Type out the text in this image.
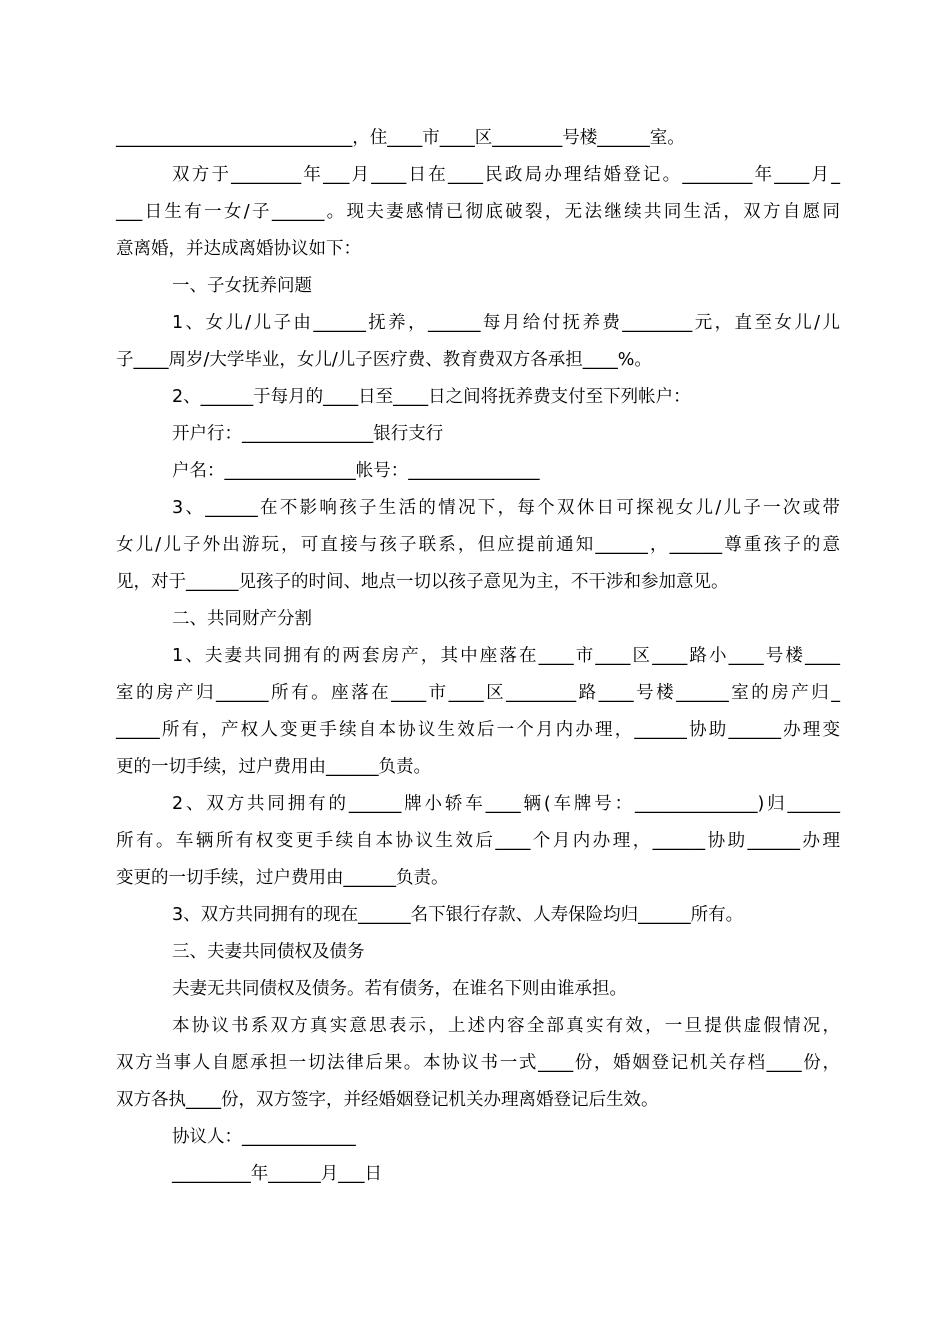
___________________________，住____市____区________号楼______室。
双方于________年___月____日在____民政局办理结婚登记。________年____月_
___日生有一女/子______。现夫妻感情已彻底破裂，无法继续共同生活，双方自愿同
意离婚，并达成离婚协议如下：
一、子女抚养问题
1、女儿/儿子由______抚养，______每月给付抚养费________元，直至女儿/儿
子____周岁/大学毕业，女儿/儿子医疗费、教育费双方各承担____%。
2、______于每月的____日至____日之间将抚养费支付至下列帐户：
开户行：_______________银行支行
户名：_______________帐号：_______________
3、______在不影响孩子生活的情况下，每个双休日可探视女儿/儿子一次或带
女儿/儿子外出游玩，可直接与孩子联系，但应提前通知______，______尊重孩子的意
见，对于______见孩子的时间、地点一切以孩子意见为主，不干涉和参加意见。
二、共同财产分割
1、夫妻共同拥有的两套房产，其中座落在____市____区____路小____号楼____
室的房产归______所有。座落在____市____区________路____号楼______室的房产归_
_____所有，产权人变更手续自本协议生效后一个月内办理，______协助______办理变
更的一切手续，过户费用由______负责。
2、双方共同拥有的______牌小轿车____辆(车牌号：______________)归______
所有。车辆所有权变更手续自本协议生效后____个月内办理，______协助______办理
变更的一切手续，过户费用由______负责。
3、双方共同拥有的现在______名下银行存款、人寿保险均归______所有。
三、夫妻共同债权及债务
夫妻无共同债权及债务。若有债务，在谁名下则由谁承担。
本协议书系双方真实意思表示，上述内容全部真实有效，一旦提供虚假情况，
双方当事人自愿承担一切法律后果。本协议书一式____份，婚姻登记机关存档____份，
双方各执____份，双方签字，并经婚姻登记机关办理离婚登记后生效。
协议人：_____________
_________年______月___日
